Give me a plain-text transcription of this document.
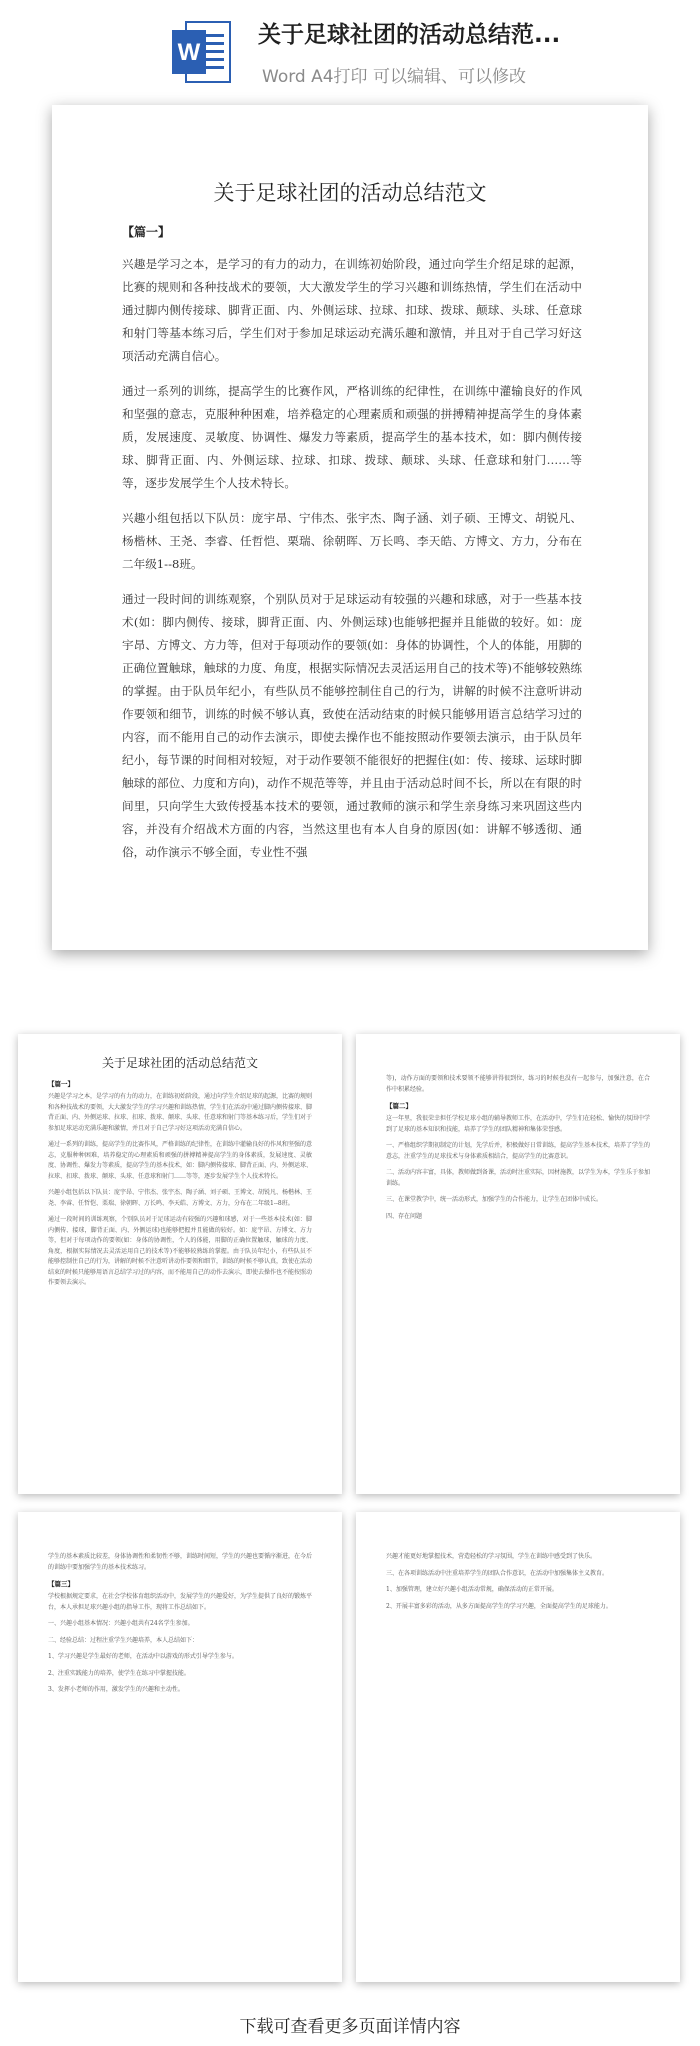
W
关于足球社团的活动总结范...
Word A4打印 可以编辑、可以修改
关于足球社团的活动总结范文
【篇一】

兴趣是学习之本，是学习的有力的动力，在训练初始阶段，通过向学生介绍足球的起源，比赛的规则和各种技战术的要领，大大激发学生的学习兴趣和训练热情，学生们在活动中通过脚内侧传接球、脚背正面、内、外侧运球、拉球、扣球、拨球、颠球、头球、任意球和射门等基本练习后，学生们对于参加足球运动充满乐趣和激情，并且对于自己学习好这项活动充满自信心。

通过一系列的训练，提高学生的比赛作风，严格训练的纪律性，在训练中灌输良好的作风和坚强的意志，克服种种困难，培养稳定的心理素质和顽强的拼搏精神提高学生的身体素质，发展速度、灵敏度、协调性、爆发力等素质，提高学生的基本技术，如：脚内侧传接球、脚背正面、内、外侧运球、拉球、扣球、拨球、颠球、头球、任意球和射门……等等，逐步发展学生个人技术特长。

兴趣小组包括以下队员：庞宇昂、宁伟杰、张宇杰、陶子涵、刘子硕、王博文、胡锐凡、杨楷林、王尧、李睿、任哲恺、栗瑞、徐朝晖、万长鸣、李天皓、方博文、方力，分布在二年级1--8班。

通过一段时间的训练观察，个别队员对于足球运动有较强的兴趣和球感，对于一些基本技术(如：脚内侧传、接球，脚背正面、内、外侧运球)也能够把握并且能做的较好。如：庞宇昂、方博文、方力等，但对于每项动作的要领(如：身体的协调性，个人的体能，用脚的正确位置触球，触球的力度、角度，根据实际情况去灵活运用自己的技术等)不能够较熟练的掌握。由于队员年纪小，有些队员不能够控制住自己的行为，讲解的时候不注意听讲动作要领和细节，训练的时候不够认真，致使在活动结束的时候只能够用语言总结学习过的内容，而不能用自己的动作去演示，即使去操作也不能按照动作要领去演示，由于队员年纪小，每节课的时间相对较短，对于动作要领不能很好的把握住(如：传、接球、运球时脚触球的部位、力度和方向)，动作不规范等等，并且由于活动总时间不长，所以在有限的时间里，只向学生大致传授基本技术的要领，通过教师的演示和学生亲身练习来巩固这些内容，并没有介绍战术方面的内容，当然这里也有本人自身的原因(如：讲解不够透彻、通俗，动作演示不够全面，专业性不强

关于足球社团的活动总结范文
【篇一】

兴趣是学习之本，是学习的有力的动力，在训练初始阶段，通过向学生介绍足球的起源，比赛的规则和各种技战术的要领，大大激发学生的学习兴趣和训练热情，学生们在活动中通过脚内侧传接球、脚背正面、内、外侧运球、拉球、扣球、拨球、颠球、头球、任意球和射门等基本练习后，学生们对于参加足球运动充满乐趣和激情，并且对于自己学习好这项活动充满自信心。

通过一系列的训练，提高学生的比赛作风，严格训练的纪律性，在训练中灌输良好的作风和坚强的意志，克服种种困难，培养稳定的心理素质和顽强的拼搏精神提高学生的身体素质，发展速度、灵敏度、协调性、爆发力等素质，提高学生的基本技术，如：脚内侧传接球、脚背正面、内、外侧运球、拉球、扣球、拨球、颠球、头球、任意球和射门……等等，逐步发展学生个人技术特长。

兴趣小组包括以下队员：庞宇昂、宁伟杰、张宇杰、陶子涵、刘子硕、王博文、胡锐凡、杨楷林、王尧、李睿、任哲恺、栗瑞、徐朝晖、万长鸣、李天皓、方博文、方力，分布在二年级1--8班。

通过一段时间的训练观察，个别队员对于足球运动有较强的兴趣和球感，对于一些基本技术(如：脚内侧传、接球，脚背正面、内、外侧运球)也能够把握并且能做的较好。如：庞宇昂、方博文、方力等，但对于每项动作的要领(如：身体的协调性，个人的体能，用脚的正确位置触球，触球的力度、角度，根据实际情况去灵活运用自己的技术等)不能够较熟练的掌握。由于队员年纪小，有些队员不能够控制住自己的行为，讲解的时候不注意听讲动作要领和细节，训练的时候不够认真，致使在活动结束的时候只能够用语言总结学习过的内容，而不能用自己的动作去演示，即使去操作也不能按照动作要领去演示。

等)，动作方面的要领和技术要领不能够讲得很到位，练习的时候也没有一起参与，加强注意，在合作中积累经验。

【篇二】

这一年里，我很荣幸担任学校足球小组的辅导教师工作，在活动中，学生们在轻松、愉快的氛围中学到了足球的基本知识和技能，培养了学生的团队精神和集体荣誉感。

一、严格组织学期初制定的计划，先学后并，积极做好日常训练，提高学生基本技术，培养了学生的意志，注重学生的足球技术与身体素质相结合，提高学生的比赛意识。

二、活动内容丰富，具体，教师做到备课，活动时注重实际，因材施教，以学生为本，学生乐于参加训练。

三、在课堂教学中，统一活动形式，加强学生的合作能力，让学生在团体中成长。

四、存在问题

学生的基本素质比较差，身体协调性和柔韧性不够，训练时间短，学生的兴趣也要循序渐进，在今后的训练中要加强学生的基本技术练习。

【篇三】

学校根据规定要求，在社会学校体育组织活动中，发展学生的兴趣爱好，为学生提供了良好的锻炼平台，本人承担足球兴趣小组的指导工作，现将工作总结如下。

一、兴趣小组基本情况：兴趣小组共有24名学生参加。

二、经验总结：过程注重学生兴趣培养，本人总结如下：

1、学习兴趣是学生最好的老师，在活动中以游戏的形式引导学生参与。

2、注重实践能力的培养，使学生在练习中掌握技能。

3、发挥小老师的作用，激发学生的兴趣和主动性。

兴趣才能更好地掌握技术，营造轻松的学习氛围，学生在训练中感受到了快乐。

三、在各项训练活动中注重培养学生的团队合作意识，在活动中加强集体主义教育。

1、加强管理，建立好兴趣小组活动常规，确保活动的正常开展。

2、开展丰富多彩的活动，从多方面提高学生的学习兴趣，全面提高学生的足球能力。

下载可查看更多页面详情内容
